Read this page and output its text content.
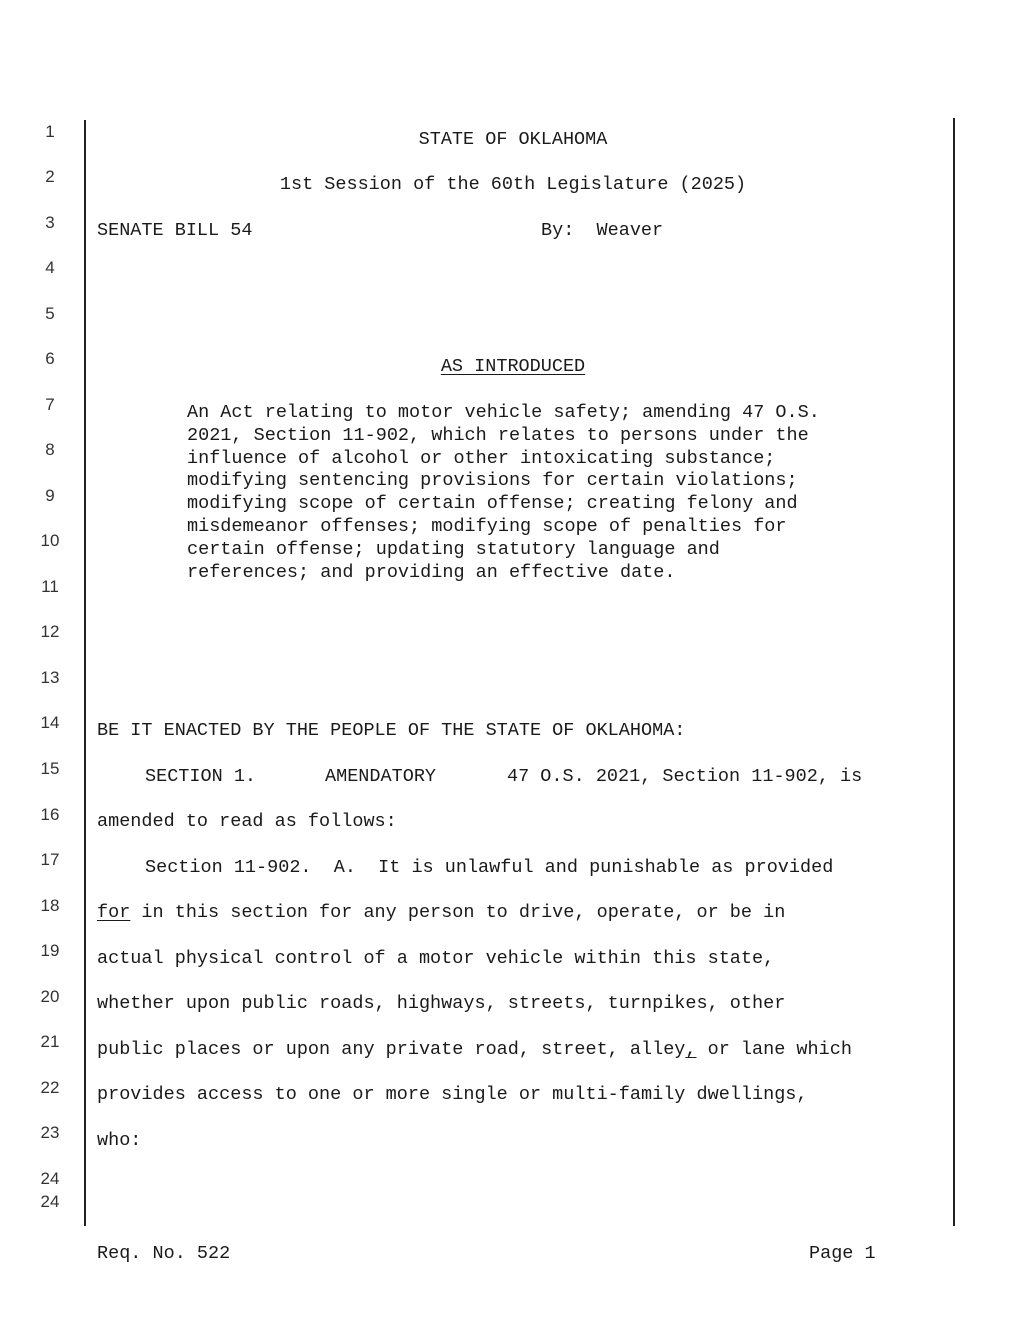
1
2
3
4
5
6
7
8
9
10
11
12
13
14
15
16
17
18
19
20
21
22
23
24
24
STATE OF OKLAHOMA
1st Session of the 60th Legislature (2025)
SENATE BILL 54	By:  Weaver
AS INTRODUCED
An Act relating to motor vehicle safety; amending 47 O.S. 2021, Section 11-902, which relates to persons under the influence of alcohol or other intoxicating substance; modifying sentencing provisions for certain violations; modifying scope of certain offense; creating felony and misdemeanor offenses; modifying scope of penalties for certain offense; updating statutory language and references; and providing an effective date.
BE IT ENACTED BY THE PEOPLE OF THE STATE OF OKLAHOMA:
SECTION 1.	AMENDATORY	47 O.S. 2021, Section 11-902, is
amended to read as follows:
Section 11-902.  A.  It is unlawful and punishable as provided
for in this section for any person to drive, operate, or be in
actual physical control of a motor vehicle within this state,
whether upon public roads, highways, streets, turnpikes, other
public places or upon any private road, street, alley, or lane which
provides access to one or more single or multi-family dwellings,
who:
Req. No. 522	Page 1
